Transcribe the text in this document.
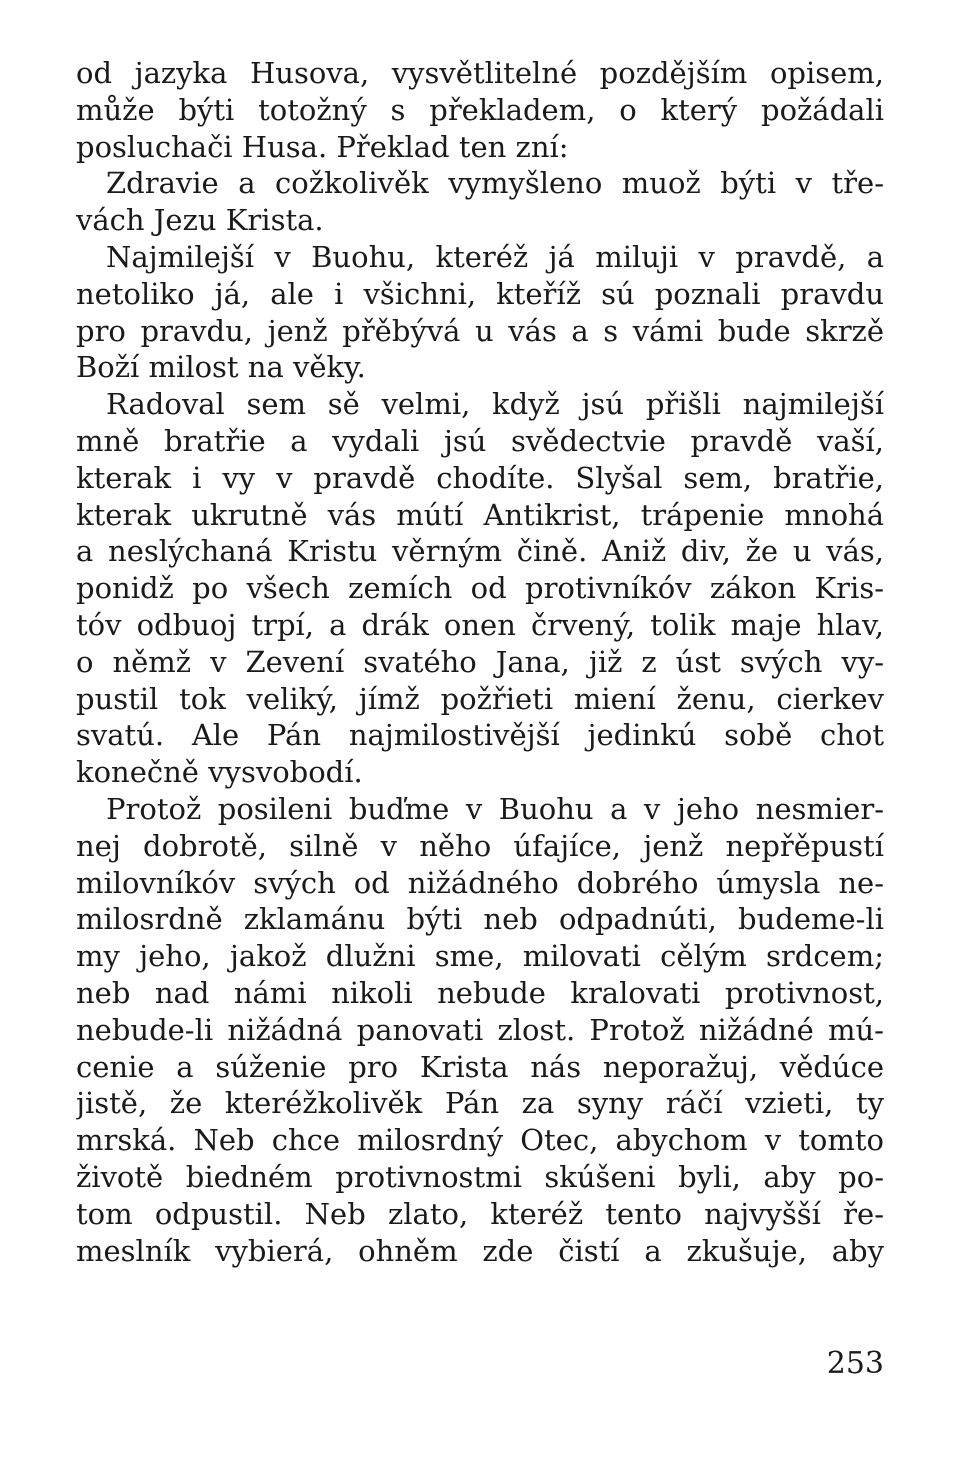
od jazyka Husova, vysvětlitelné pozdějším opisem,
může býti totožný s překladem, o který požádali
posluchači Husa. Překlad ten zní:
Zdravie a cožkolivěk vymyšleno muož býti v tře-
vách Jezu Krista.
Najmilejší v Buohu, kteréž já miluji v pravdě, a
netoliko já, ale i všichni, kteříž sú poznali pravdu
pro pravdu, jenž přěbývá u vás a s vámi bude skrzě
Boží milost na věky.
Radoval sem sě velmi, když jsú přišli najmilejší
mně bratřie a vydali jsú svědectvie pravdě vaší,
kterak i vy v pravdě chodíte. Slyšal sem, bratřie,
kterak ukrutně vás mútí Antikrist, trápenie mnohá
a neslýchaná Kristu věrným čině. Aniž div, že u vás,
ponidž po všech zemích od protivníkóv zákon Kris-
tóv odbuoj trpí, a drák onen črvený, tolik maje hlav,
o němž v Zevení svatého Jana, již z úst svých vy-
pustil tok veliký, jímž požřieti miení ženu, cierkev
svatú. Ale Pán najmilostivější jedinkú sobě chot
konečně vysvobodí.
Protož posileni buďme v Buohu a v jeho nesmier-
nej dobrotě, silně v něho úfajíce, jenž nepřěpustí
milovníkóv svých od nižádného dobrého úmysla ne-
milosrdně zklamánu býti neb odpadnúti, budeme-li
my jeho, jakož dlužni sme, milovati cělým srdcem;
neb nad námi nikoli nebude kralovati protivnost,
nebude-li nižádná panovati zlost. Protož nižádné mú-
cenie a súženie pro Krista nás neporažuj, vědúce
jistě, že kteréžkolivěk Pán za syny ráčí vzieti, ty
mrská. Neb chce milosrdný Otec, abychom v tomto
životě biedném protivnostmi skúšeni byli, aby po-
tom odpustil. Neb zlato, kteréž tento najvyšší ře-
meslník vybierá, ohněm zde čistí a zkušuje, aby
253
